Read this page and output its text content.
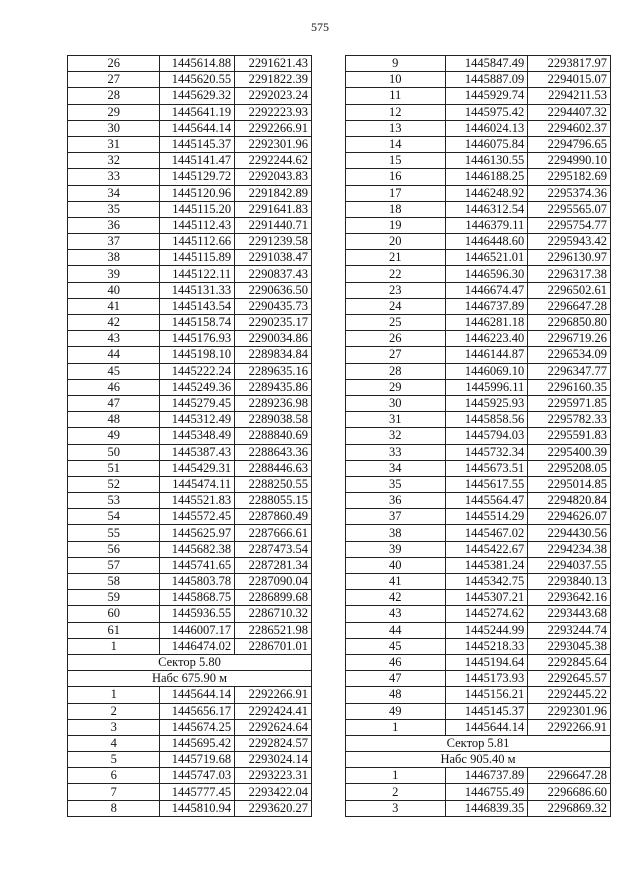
575
26	1445614.88	2291621.43
27	1445620.55	2291822.39
28	1445629.32	2292023.24
29	1445641.19	2292223.93
30	1445644.14	2292266.91
31	1445145.37	2292301.96
32	1445141.47	2292244.62
33	1445129.72	2292043.83
34	1445120.96	2291842.89
35	1445115.20	2291641.83
36	1445112.43	2291440.71
37	1445112.66	2291239.58
38	1445115.89	2291038.47
39	1445122.11	2290837.43
40	1445131.33	2290636.50
41	1445143.54	2290435.73
42	1445158.74	2290235.17
43	1445176.93	2290034.86
44	1445198.10	2289834.84
45	1445222.24	2289635.16
46	1445249.36	2289435.86
47	1445279.45	2289236.98
48	1445312.49	2289038.58
49	1445348.49	2288840.69
50	1445387.43	2288643.36
51	1445429.31	2288446.63
52	1445474.11	2288250.55
53	1445521.83	2288055.15
54	1445572.45	2287860.49
55	1445625.97	2287666.61
56	1445682.38	2287473.54
57	1445741.65	2287281.34
58	1445803.78	2287090.04
59	1445868.75	2286899.68
60	1445936.55	2286710.32
61	1446007.17	2286521.98
1	1446474.02	2286701.01
Сектор 5.80		
Набс 675.90 м		
1	1445644.14	2292266.91
2	1445656.17	2292424.41
3	1445674.25	2292624.64
4	1445695.42	2292824.57
5	1445719.68	2293024.14
6	1445747.03	2293223.31
7	1445777.45	2293422.04
8	1445810.94	2293620.27
9	1445847.49	2293817.97
10	1445887.09	2294015.07
11	1445929.74	2294211.53
12	1445975.42	2294407.32
13	1446024.13	2294602.37
14	1446075.84	2294796.65
15	1446130.55	2294990.10
16	1446188.25	2295182.69
17	1446248.92	2295374.36
18	1446312.54	2295565.07
19	1446379.11	2295754.77
20	1446448.60	2295943.42
21	1446521.01	2296130.97
22	1446596.30	2296317.38
23	1446674.47	2296502.61
24	1446737.89	2296647.28
25	1446281.18	2296850.80
26	1446223.40	2296719.26
27	1446144.87	2296534.09
28	1446069.10	2296347.77
29	1445996.11	2296160.35
30	1445925.93	2295971.85
31	1445858.56	2295782.33
32	1445794.03	2295591.83
33	1445732.34	2295400.39
34	1445673.51	2295208.05
35	1445617.55	2295014.85
36	1445564.47	2294820.84
37	1445514.29	2294626.07
38	1445467.02	2294430.56
39	1445422.67	2294234.38
40	1445381.24	2294037.55
41	1445342.75	2293840.13
42	1445307.21	2293642.16
43	1445274.62	2293443.68
44	1445244.99	2293244.74
45	1445218.33	2293045.38
46	1445194.64	2292845.64
47	1445173.93	2292645.57
48	1445156.21	2292445.22
49	1445145.37	2292301.96
1	1445644.14	2292266.91
Сектор 5.81		
Набс 905.40 м		
1	1446737.89	2296647.28
2	1446755.49	2296686.60
3	1446839.35	2296869.32
